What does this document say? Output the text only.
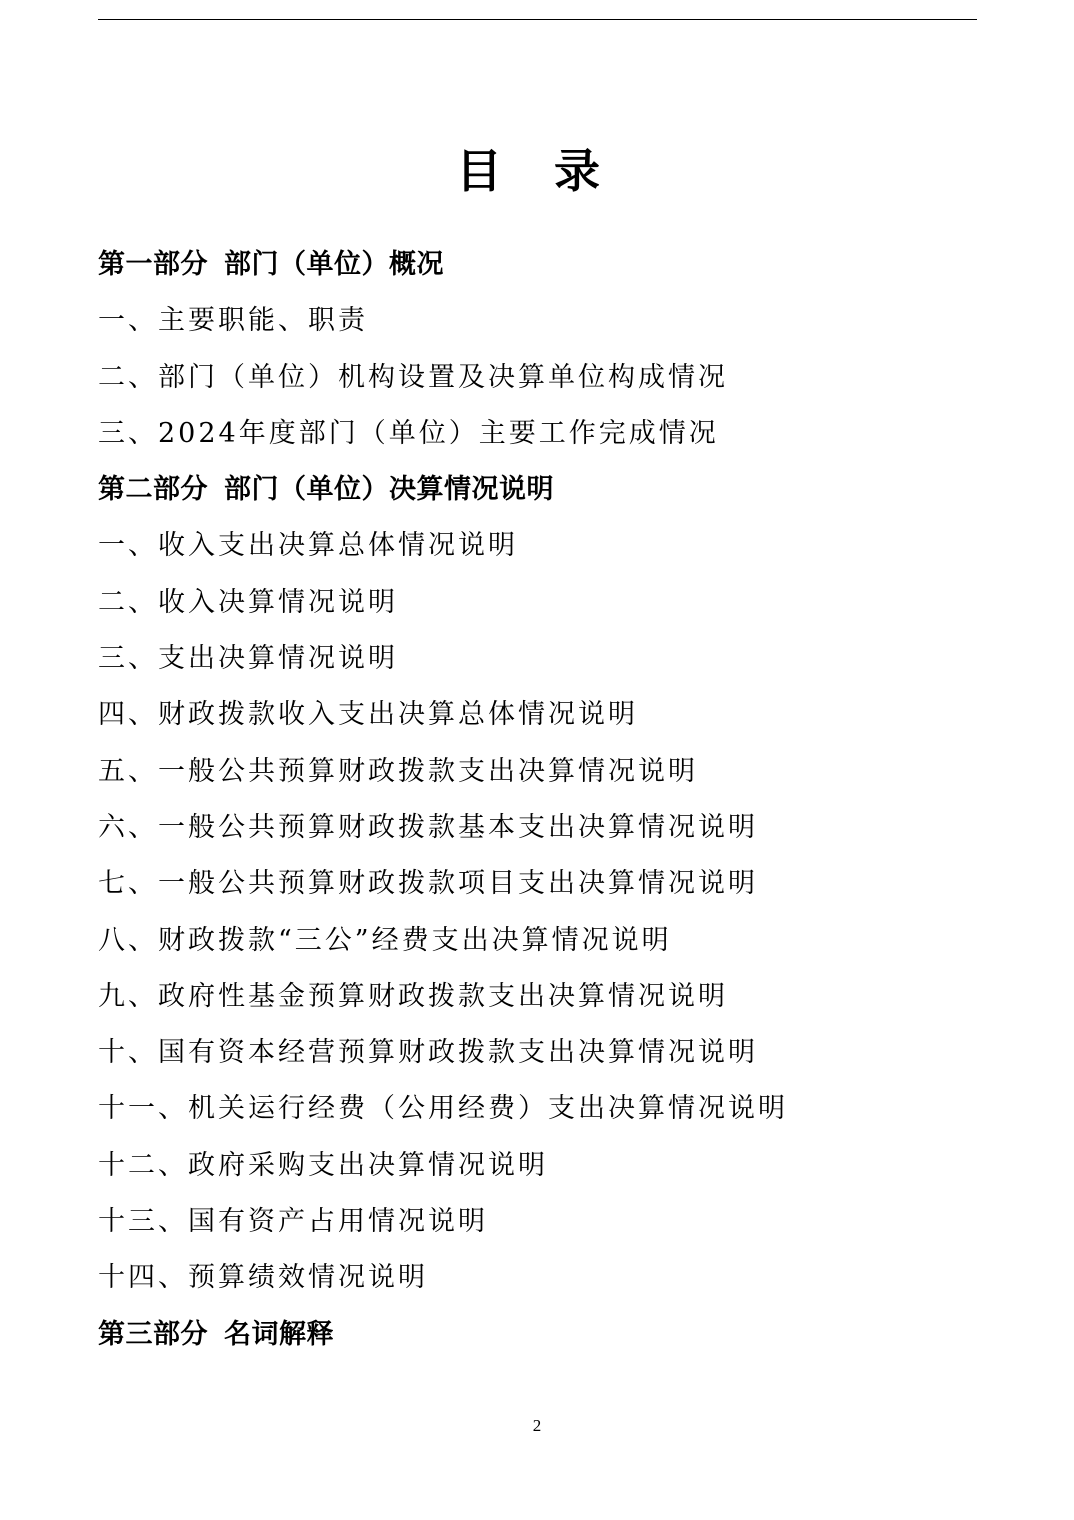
目 录
第一部分 部门（单位）概况
一、主要职能、职责
二、部门（单位）机构设置及决算单位构成情况
三、2024年度部门（单位）主要工作完成情况
第二部分 部门（单位）决算情况说明
一、收入支出决算总体情况说明
二、收入决算情况说明
三、支出决算情况说明
四、财政拨款收入支出决算总体情况说明
五、一般公共预算财政拨款支出决算情况说明
六、一般公共预算财政拨款基本支出决算情况说明
七、一般公共预算财政拨款项目支出决算情况说明
八、财政拨款“三公”经费支出决算情况说明
九、政府性基金预算财政拨款支出决算情况说明
十、国有资本经营预算财政拨款支出决算情况说明
十一、机关运行经费（公用经费）支出决算情况说明
十二、政府采购支出决算情况说明
十三、国有资产占用情况说明
十四、预算绩效情况说明
第三部分 名词解释
2
